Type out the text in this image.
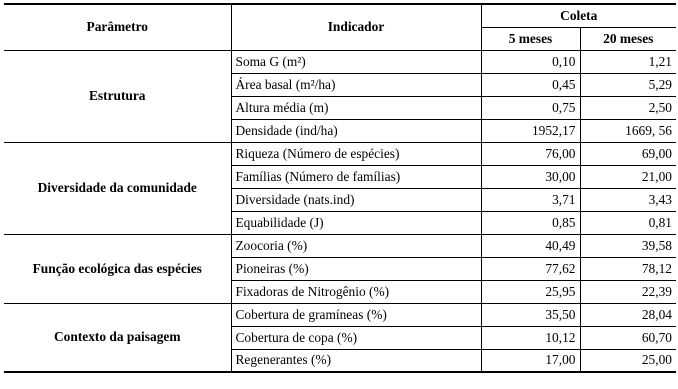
Parâmetro	Indicador	Coleta	
		5 meses	20 meses
Estrutura	Soma G (m²)	0,10	1,21
	Área basal (m²/ha)	0,45	5,29
	Altura média (m)	0,75	2,50
	Densidade (ind/ha)	1952,17	1669, 56
Diversidade da comunidade	Riqueza (Número de espécies)	76,00	69,00
	Famílias (Número de famílias)	30,00	21,00
	Diversidade (nats.ind)	3,71	3,43
	Equabilidade (J)	0,85	0,81
Função ecológica das espécies	Zoocoria (%)	40,49	39,58
	Pioneiras (%)	77,62	78,12
	Fixadoras de Nitrogênio (%)	25,95	22,39
Contexto da paisagem	Cobertura de gramíneas (%)	35,50	28,04
	Cobertura de copa (%)	10,12	60,70
	Regenerantes (%)	17,00	25,00
